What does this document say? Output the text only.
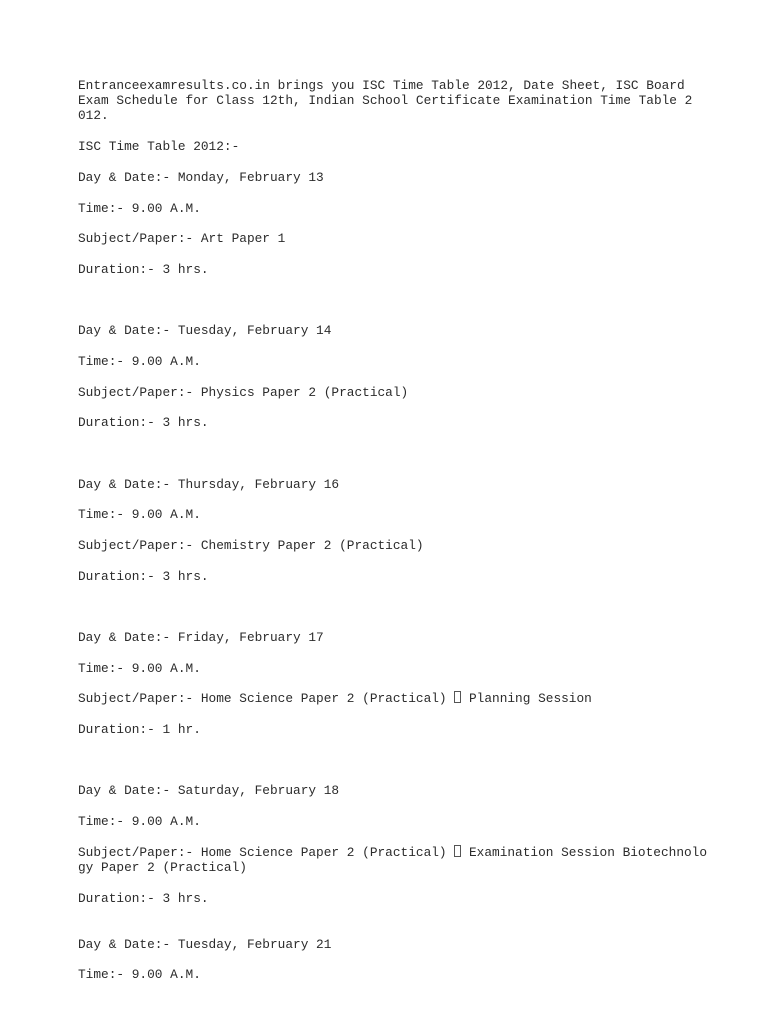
Entranceexamresults.co.in brings you ISC Time Table 2012, Date Sheet, ISC Board
Exam Schedule for Class 12th, Indian School Certificate Examination Time Table 2
012.
ISC Time Table 2012:-
Day & Date:- Monday, February 13
Time:- 9.00 A.M.
Subject/Paper:- Art Paper 1
Duration:- 3 hrs.
Day & Date:- Tuesday, February 14
Time:- 9.00 A.M.
Subject/Paper:- Physics Paper 2 (Practical)
Duration:- 3 hrs.
Day & Date:- Thursday, February 16
Time:- 9.00 A.M.
Subject/Paper:- Chemistry Paper 2 (Practical)
Duration:- 3 hrs.
Day & Date:- Friday, February 17
Time:- 9.00 A.M.
Subject/Paper:- Home Science Paper 2 (Practical)  Planning Session
Duration:- 1 hr.
Day & Date:- Saturday, February 18
Time:- 9.00 A.M.
Subject/Paper:- Home Science Paper 2 (Practical)  Examination Session Biotechnolo
gy Paper 2 (Practical)
Duration:- 3 hrs.
Day & Date:- Tuesday, February 21
Time:- 9.00 A.M.
